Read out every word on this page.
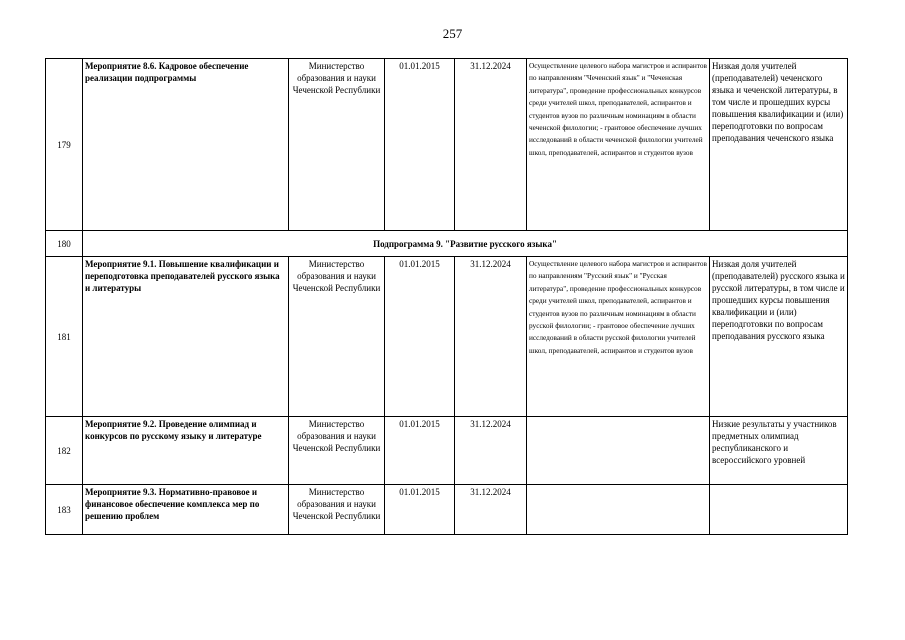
257
179	Мероприятие 8.6. Кадровое обеспечение реализации подпрограммы	Министерство образования и науки Чеченской Республики	01.01.2015	31.12.2024	Осуществление целевого набора магистров и аспирантов по направлениям "Чеченский язык" и "Чеченская литература", проведение профессиональных конкурсов среди учителей школ, преподавателей, аспирантов и студентов вузов по различным номинациям в области чеченской филологии; - грантовое обеспечение лучших исследований в области чеченской филологии учителей школ, преподавателей, аспирантов и студентов вузов	Низкая доля учителей (преподавателей) чеченского языка и чеченской литературы, в том числе и прошедших курсы повышения квалификации и (или) переподготовки по вопросам преподавания чеченского языка
180	Подпрограмма 9. "Развитие русского языка"					
181	Мероприятие 9.1. Повышение квалификации и переподготовка преподавателей русского языка и литературы	Министерство образования и науки Чеченской Республики	01.01.2015	31.12.2024	Осуществление целевого набора магистров и аспирантов по направлениям "Русский язык" и "Русская литература", проведение профессиональных конкурсов среди учителей школ, преподавателей, аспирантов и студентов вузов по различным номинациям в области русской филологии; - грантовое обеспечение лучших исследований в области русской филологии учителей школ, преподавателей, аспирантов и студентов вузов	Низкая доля учителей (преподавателей) русского языка и русской литературы, в том числе и прошедших курсы повышения квалификации и (или) переподготовки по вопросам преподавания русского языка
182	Мероприятие 9.2. Проведение олимпиад и конкурсов по русскому языку и литературе	Министерство образования и науки Чеченской Республики	01.01.2015	31.12.2024		Низкие результаты у участников предметных олимпиад республиканского и всероссийского уровней
183	Мероприятие 9.3. Нормативно-правовое и финансовое обеспечение комплекса мер по решению проблем	Министерство образования и науки Чеченской Республики	01.01.2015	31.12.2024		
